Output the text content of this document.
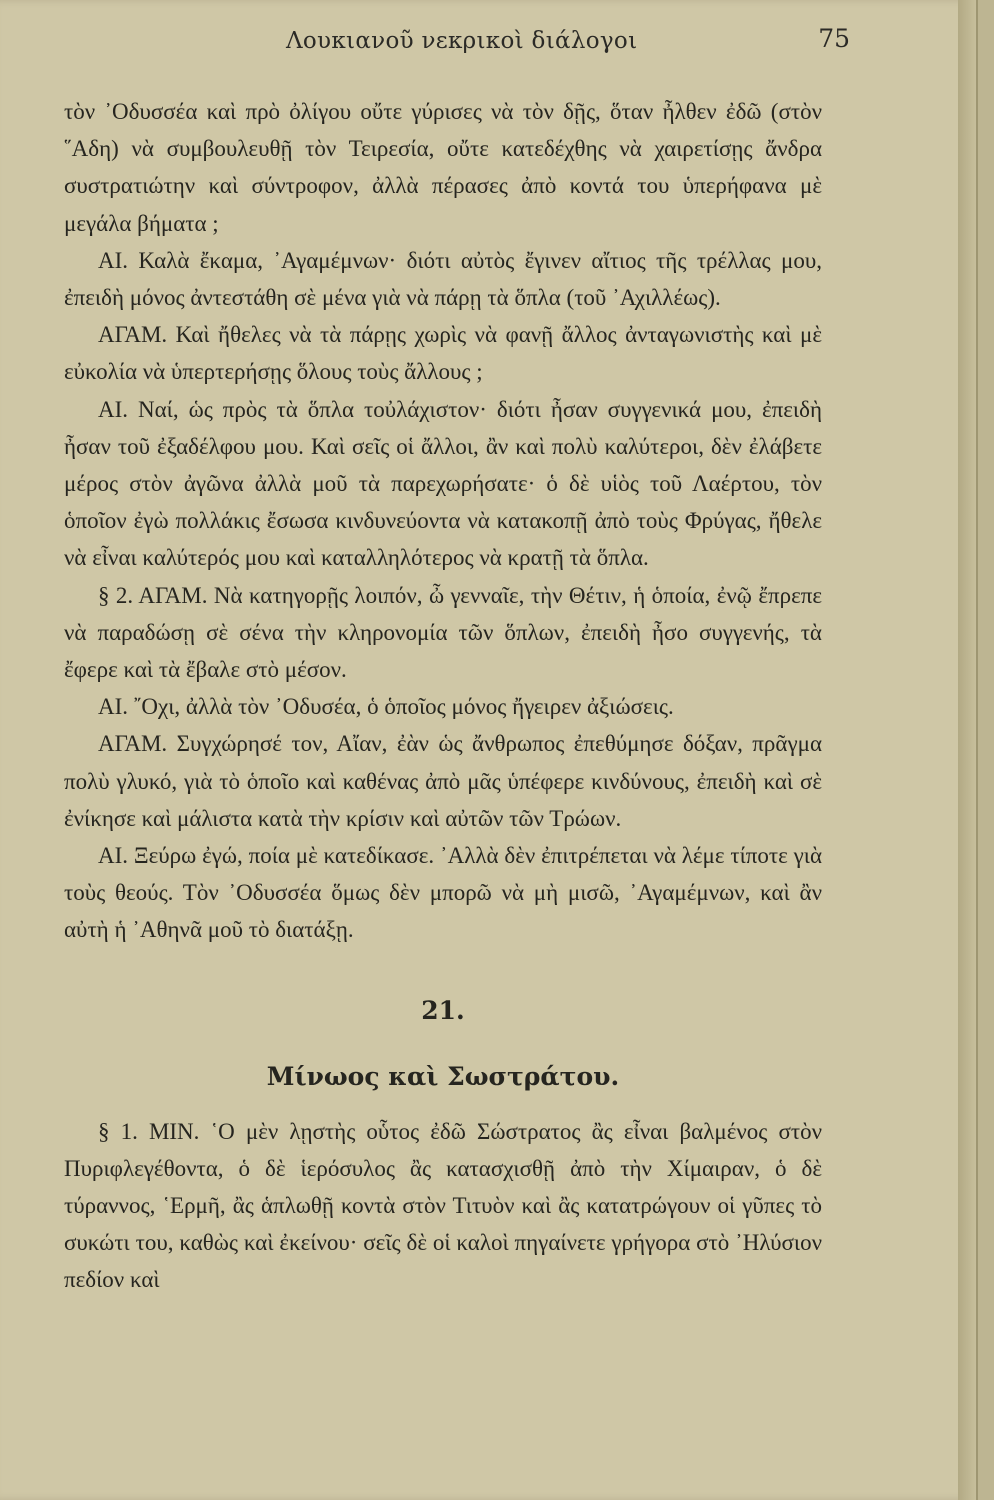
Λουκιανοῦ νεκρικοὶ διάλογοι	75

τὸν ᾿Οδυσσέα καὶ πρὸ ὀλίγου οὔτε γύρισες νὰ τὸν δῇς, ὅταν ἦλθεν ἐδῶ (στὸν ῞Αδη) νὰ συμβουλευθῇ τὸν Τειρεσία, οὔτε κατεδέχθης νὰ χαιρετίσῃς ἄνδρα συστρατιώτην καὶ σύντροφον, ἀλλὰ πέρασες ἀπὸ κοντά του ὑπερήφανα μὲ μεγάλα βήματα ;

ΑΙ. Καλὰ ἔκαμα, ᾿Αγαμέμνων· διότι αὐτὸς ἔγινεν αἴτιος τῆς τρέλλας μου, ἐπειδὴ μόνος ἀντεστάθη σὲ μένα γιὰ νὰ πάρῃ τὰ ὅπλα (τοῦ ᾿Αχιλλέως).

ΑΓΑΜ. Καὶ ἤθελες νὰ τὰ πάρῃς χωρὶς νὰ φανῇ ἄλλος ἀνταγωνιστὴς καὶ μὲ εὐκολία νὰ ὑπερτερήσῃς ὅλους τοὺς ἄλλους ;

ΑΙ. Ναί, ὡς πρὸς τὰ ὅπλα τοὐλάχιστον· διότι ἦσαν συγγενικά μου, ἐπειδὴ ἦσαν τοῦ ἐξαδέλφου μου. Καὶ σεῖς οἱ ἄλλοι, ἂν καὶ πολὺ καλύτεροι, δὲν ἐλάβετε μέρος στὸν ἀγῶνα ἀλλὰ μοῦ τὰ παρεχωρήσατε· ὁ δὲ υἱὸς τοῦ Λαέρτου, τὸν ὁποῖον ἐγὼ πολλάκις ἔσωσα κινδυνεύοντα νὰ κατακοπῇ ἀπὸ τοὺς Φρύγας, ἤθελε νὰ εἶναι καλύτερός μου καὶ καταλληλότερος νὰ κρατῇ τὰ ὅπλα.

§ 2. ΑΓΑΜ. Νὰ κατηγορῇς λοιπόν, ὦ γενναῖε, τὴν Θέτιν, ἡ ὁποία, ἐνῷ ἔπρεπε νὰ παραδώσῃ σὲ σένα τὴν κληρονομία τῶν ὅπλων, ἐπειδὴ ἦσο συγγενής, τὰ ἔφερε καὶ τὰ ἔβαλε στὸ μέσον.

ΑΙ. ῎Οχι, ἀλλὰ τὸν ᾿Οδυσέα, ὁ ὁποῖος μόνος ἤγειρεν ἀξιώσεις.

ΑΓΑΜ. Συγχώρησέ τον, Αἴαν, ἐὰν ὡς ἄνθρωπος ἐπεθύμησε δόξαν, πρᾶγμα πολὺ γλυκό, γιὰ τὸ ὁποῖο καὶ καθένας ἀπὸ μᾶς ὑπέφερε κινδύνους, ἐπειδὴ καὶ σὲ ἐνίκησε καὶ μάλιστα κατὰ τὴν κρίσιν καὶ αὐτῶν τῶν Τρώων.

ΑΙ. Ξεύρω ἐγώ, ποία μὲ κατεδίκασε. ᾿Αλλὰ δὲν ἐπιτρέπεται νὰ λέμε τίποτε γιὰ τοὺς θεούς. Τὸν ᾿Οδυσσέα ὅμως δὲν μπορῶ νὰ μὴ μισῶ, ᾿Αγαμέμνων, καὶ ἂν αὐτὴ ἡ ᾿Αθηνᾶ μοῦ τὸ διατάξῃ.

21.
Μίνωος καὶ Σωστράτου.

§ 1. ΜΙΝ. ῾Ο μὲν λῃστὴς οὗτος ἐδῶ Σώστρατος ἂς εἶναι βαλμένος στὸν Πυριφλεγέθοντα, ὁ δὲ ἱερόσυλος ἂς κατασχισθῇ ἀπὸ τὴν Χίμαιραν, ὁ δὲ τύραννος, ῾Ερμῆ, ἂς ἁπλωθῇ κοντὰ στὸν Τιτυὸν καὶ ἂς κατατρώγουν οἱ γῦπες τὸ συκώτι του, καθὼς καὶ ἐκείνου· σεῖς δὲ οἱ καλοὶ πηγαίνετε γρήγορα στὸ ᾿Ηλύσιον πεδίον καὶ
